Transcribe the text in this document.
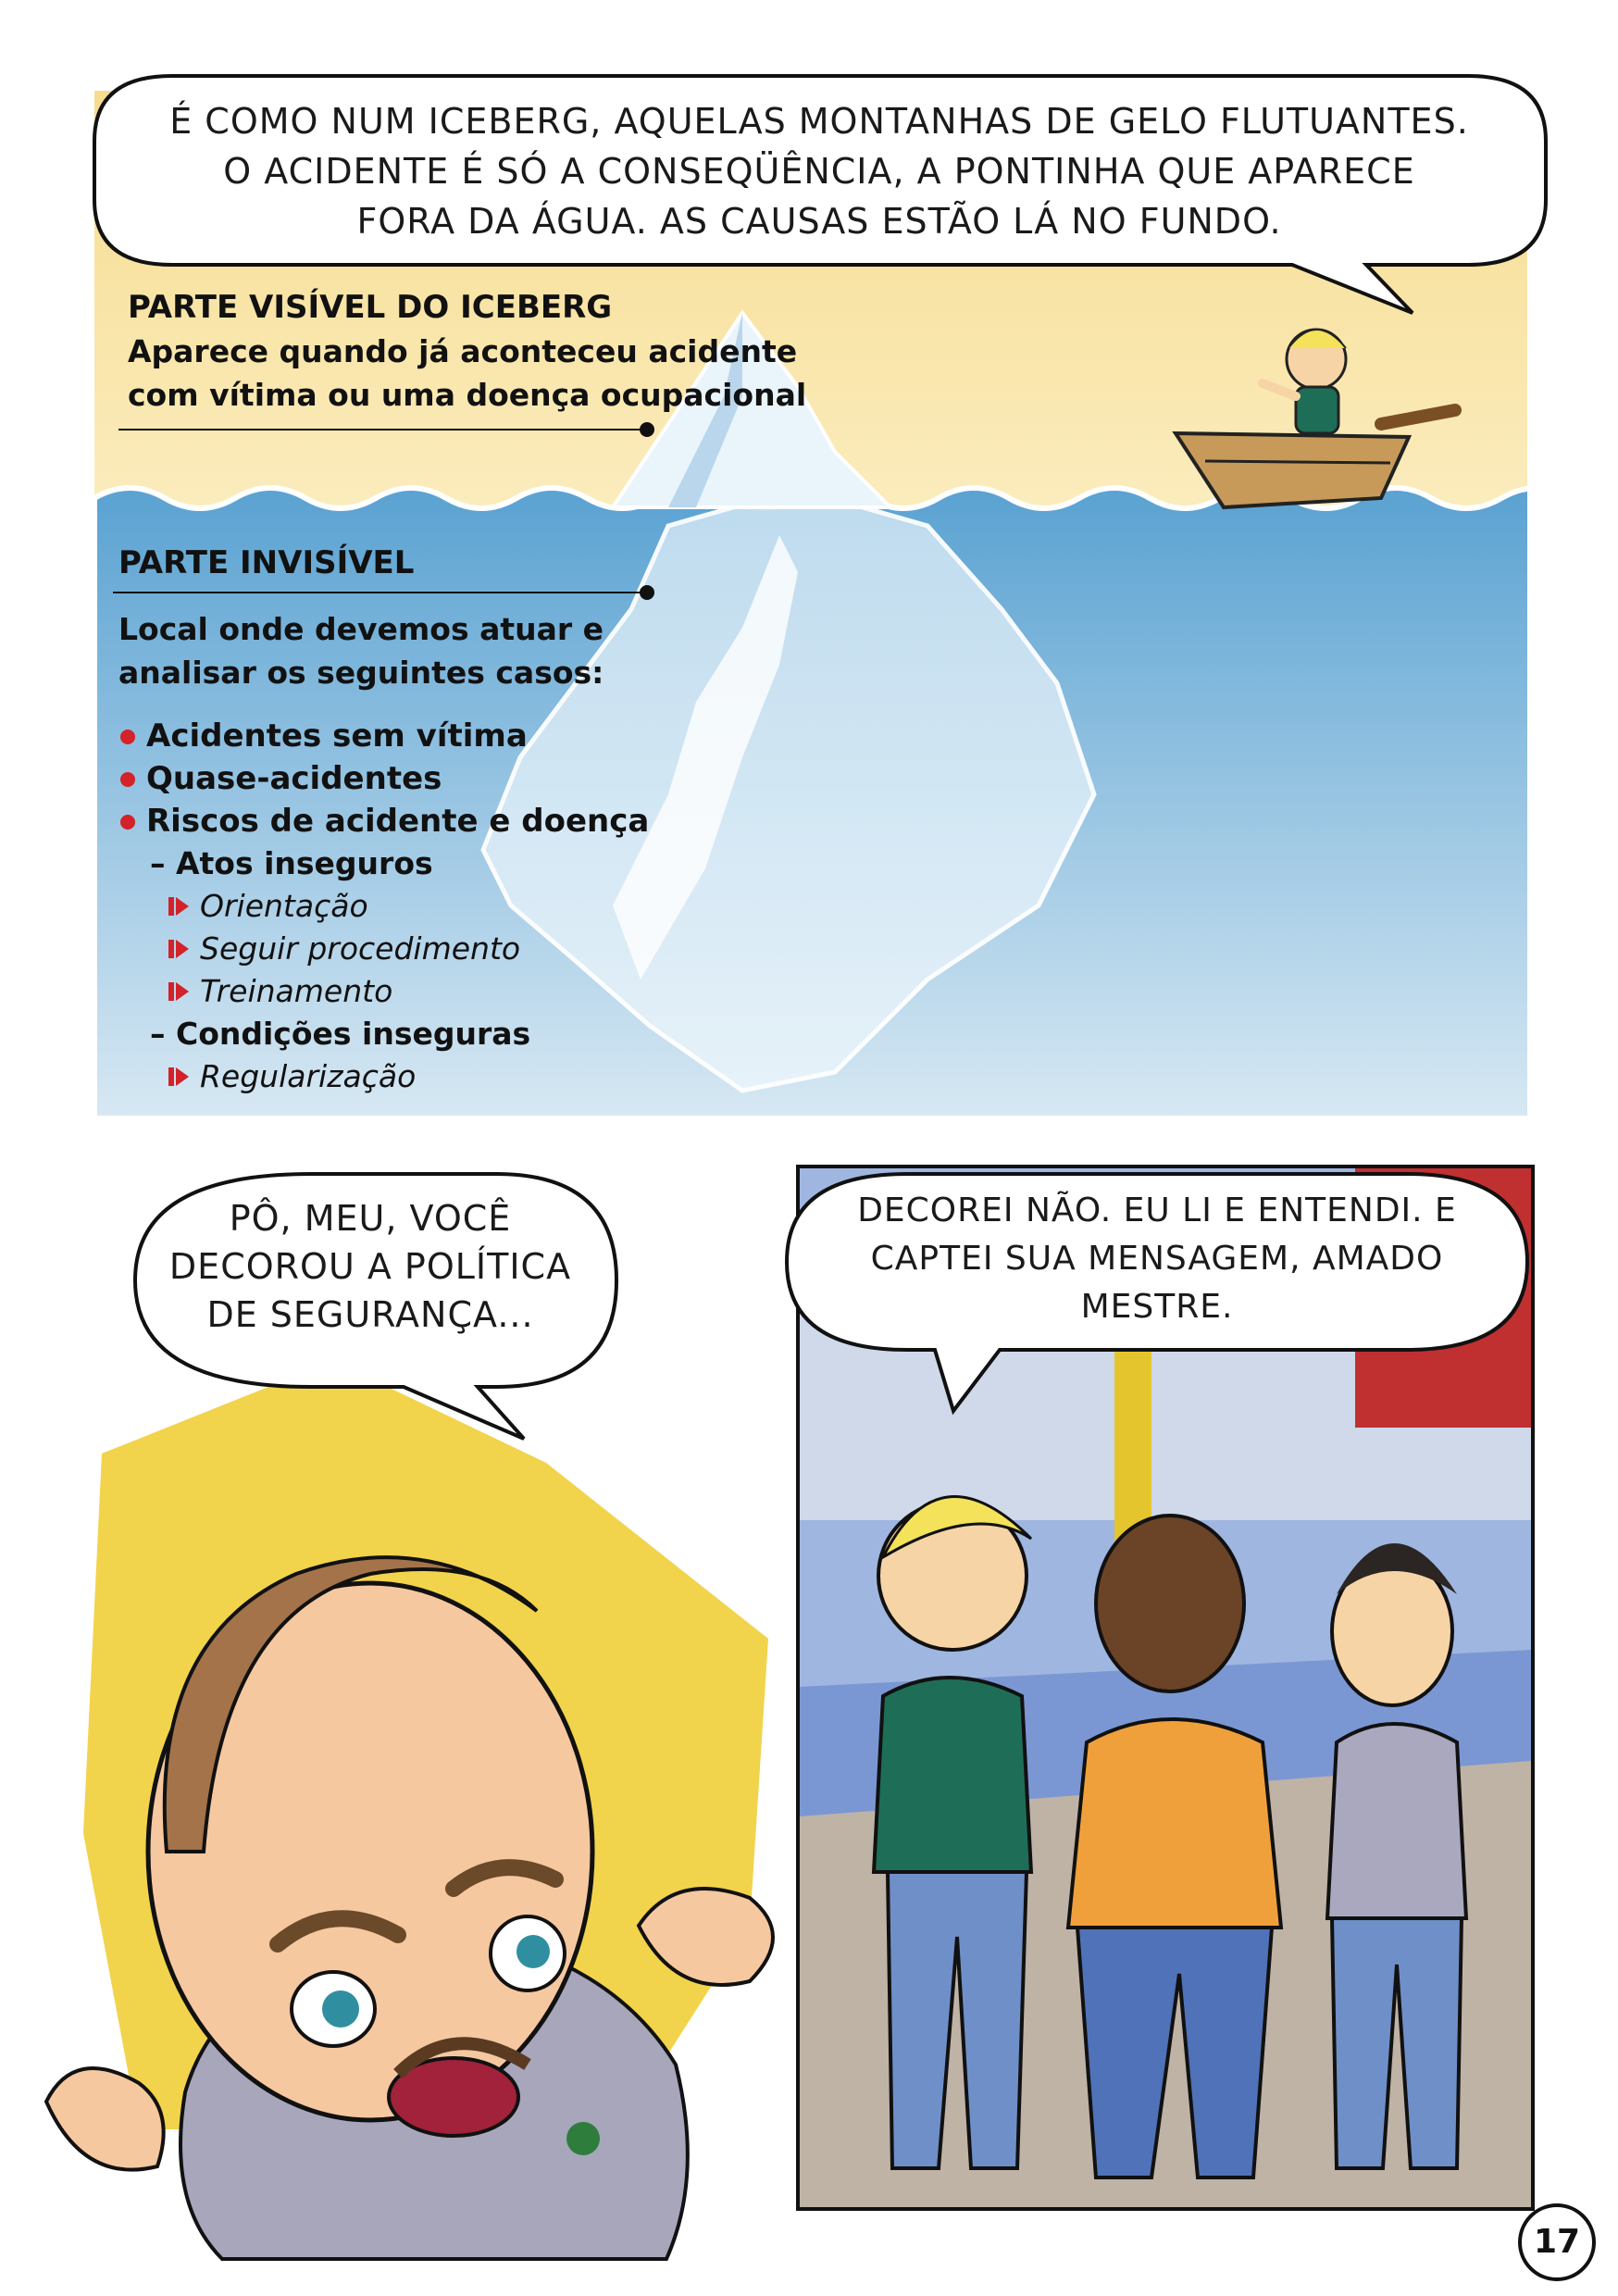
É COMO NUM ICEBERG, AQUELAS MONTANHAS DE GELO FLUTUANTES.
O ACIDENTE É SÓ A CONSEQÜÊNCIA, A PONTINHA QUE APARECE
FORA DA ÁGUA. AS CAUSAS ESTÃO LÁ NO FUNDO.
PARTE VISÍVEL DO ICEBERG
Aparece quando já aconteceu acidente
com vítima ou uma doença ocupacional
PARTE INVISÍVEL
Local onde devemos atuar e
analisar os seguintes casos:
Acidentes sem vítima
Quase-acidentes
Riscos de acidente e doença
– Atos inseguros
Orientação
Seguir procedimento
Treinamento
– Condições inseguras
Regularização
PÔ, MEU, VOCÊ
DECOROU A POLÍTICA
DE SEGURANÇA...
DECOREI NÃO. EU LI E ENTENDI. E
CAPTEI SUA MENSAGEM, AMADO
MESTRE.
17
